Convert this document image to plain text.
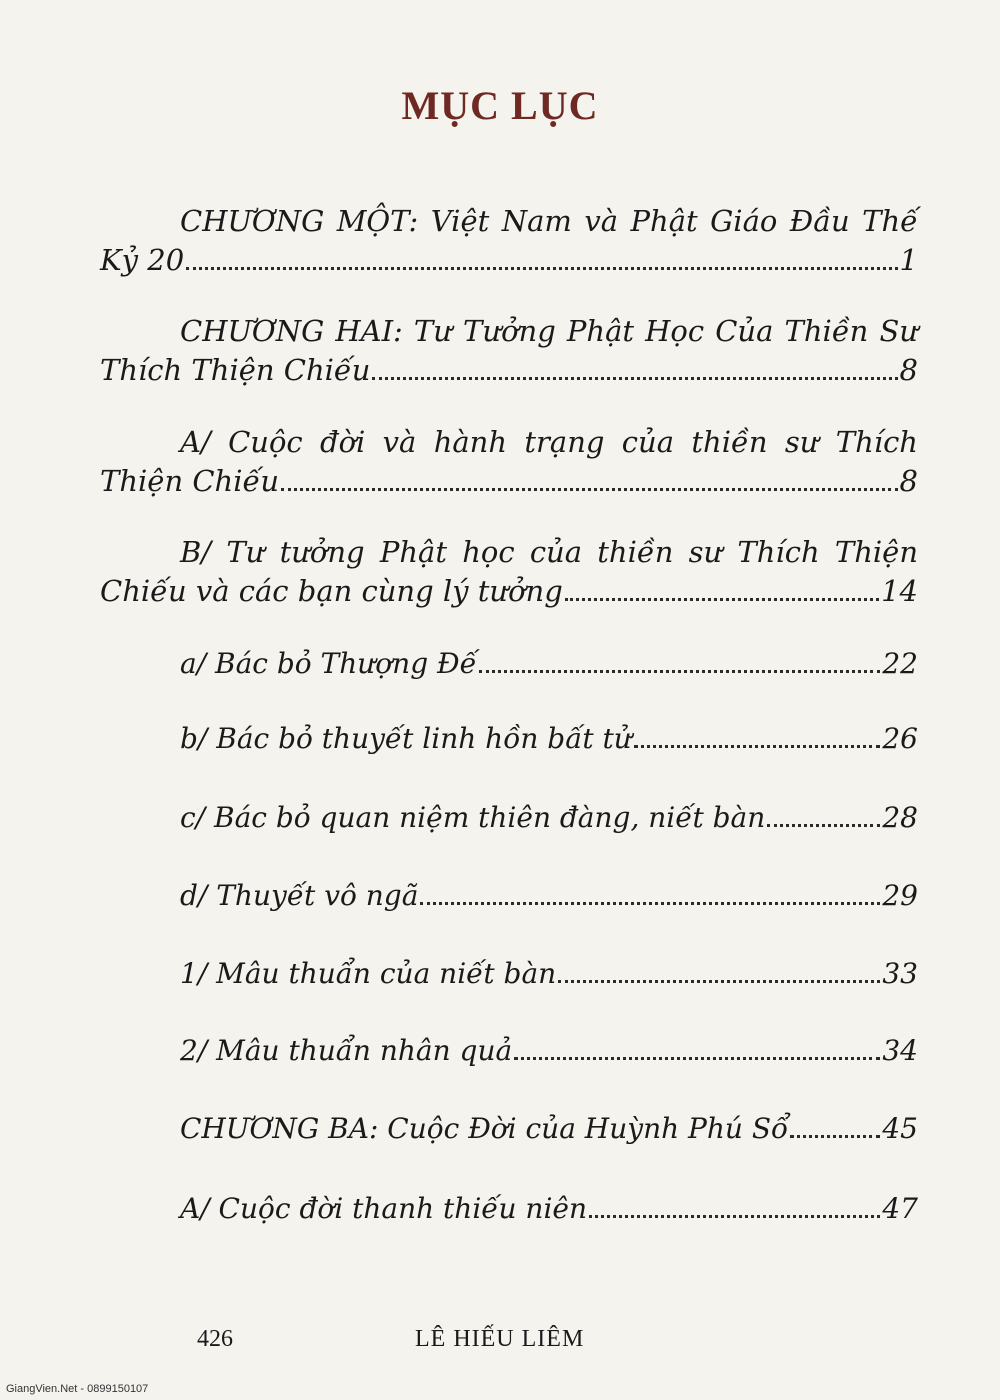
MỤC LỤC
CHƯƠNG MỘT: Việt Nam và Phật Giáo Đầu Thế
Kỷ 20	1
CHƯƠNG HAI: Tư Tưởng Phật Học Của Thiền Sư
Thích Thiện Chiếu	8
A/ Cuộc đời và hành trạng của thiền sư Thích
Thiện Chiếu	8
B/ Tư tưởng Phật học của thiền sư Thích Thiện
Chiếu và các bạn cùng lý tưởng	14
a/ Bác bỏ Thượng Đế	22
b/ Bác bỏ thuyết linh hồn bất tử	26
c/ Bác bỏ quan niệm thiên đàng, niết bàn	28
d/ Thuyết vô ngã	29
1/ Mâu thuẩn của niết bàn	33
2/ Mâu thuẩn nhân quả	34
CHƯƠNG BA: Cuộc Đời của Huỳnh Phú Sổ	45
A/ Cuộc đời thanh thiếu niên	47
426	LÊ HIẾU LIÊM
GiangVien.Net - 0899150107
